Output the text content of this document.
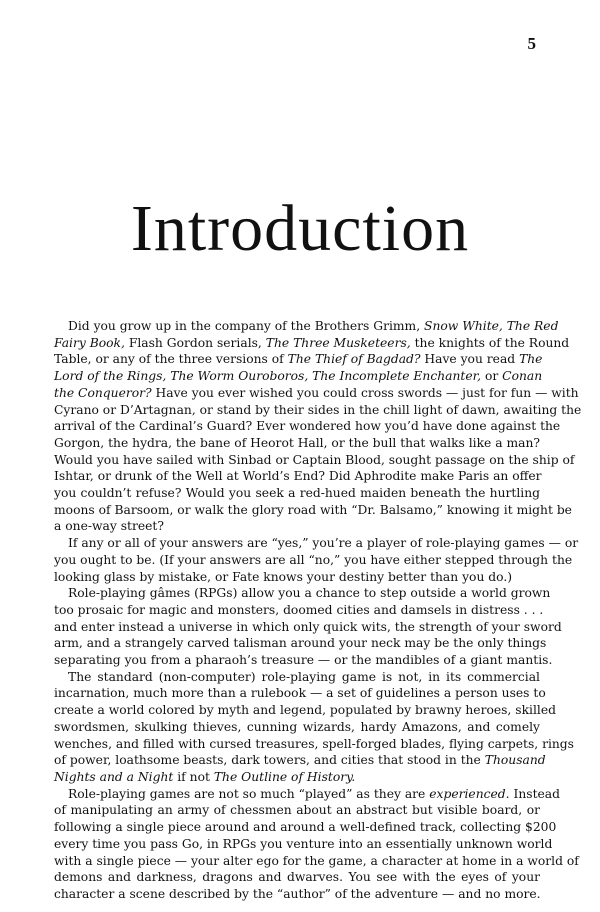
5
Introduction

Did you grow up in the company of the Brothers Grimm, Snow White, The Red
Fairy Book, Flash Gordon serials, The Three Musketeers, the knights of the Round
Table, or any of the three versions of The Thief of Bagdad? Have you read The
Lord of the Rings, The Worm Ouroboros, The Incomplete Enchanter, or Conan
the Conqueror? Have you ever wished you could cross swords — just for fun — with
Cyrano or D’Artagnan, or stand by their sides in the chill light of dawn, awaiting the
arrival of the Cardinal’s Guard? Ever wondered how you’d have done against the
Gorgon, the hydra, the bane of Heorot Hall, or the bull that walks like a man?
Would you have sailed with Sinbad or Captain Blood, sought passage on the ship of
Ishtar, or drunk of the Well at World’s End? Did Aphrodite make Paris an offer
you couldn’t refuse? Would you seek a red-hued maiden beneath the hurtling
moons of Barsoom, or walk the glory road with “Dr. Balsamo,” knowing it might be
a one-way street?

If any or all of your answers are “yes,” you’re a player of role-playing games — or
you ought to be. (If your answers are all “no,” you have either stepped through the
looking glass by mistake, or Fate knows your destiny better than you do.)

Role-playing gâmes (RPGs) allow you a chance to step outside a world grown
too prosaic for magic and monsters, doomed cities and damsels in distress . . .
and enter instead a universe in which only quick wits, the strength of your sword
arm, and a strangely carved talisman around your neck may be the only things
separating you from a pharaoh’s treasure — or the mandibles of a giant mantis.

The standard (non-computer) role-playing game is not, in its commercial
incarnation, much more than a rulebook — a set of guidelines a person uses to
create a world colored by myth and legend, populated by brawny heroes, skilled
swordsmen, skulking thieves, cunning wizards, hardy Amazons, and comely
wenches, and filled with cursed treasures, spell-forged blades, flying carpets, rings
of power, loathsome beasts, dark towers, and cities that stood in the Thousand
Nights and a Night if not The Outline of History.

Role-playing games are not so much “played” as they are experienced. Instead
of manipulating an army of chessmen about an abstract but visible board, or
following a single piece around and around a well-defined track, collecting $200
every time you pass Go, in RPGs you venture into an essentially unknown world
with a single piece — your alter ego for the game, a character at home in a world of
demons and darkness, dragons and dwarves. You see with the eyes of your
character a scene described by the “author” of the adventure — and no more.
